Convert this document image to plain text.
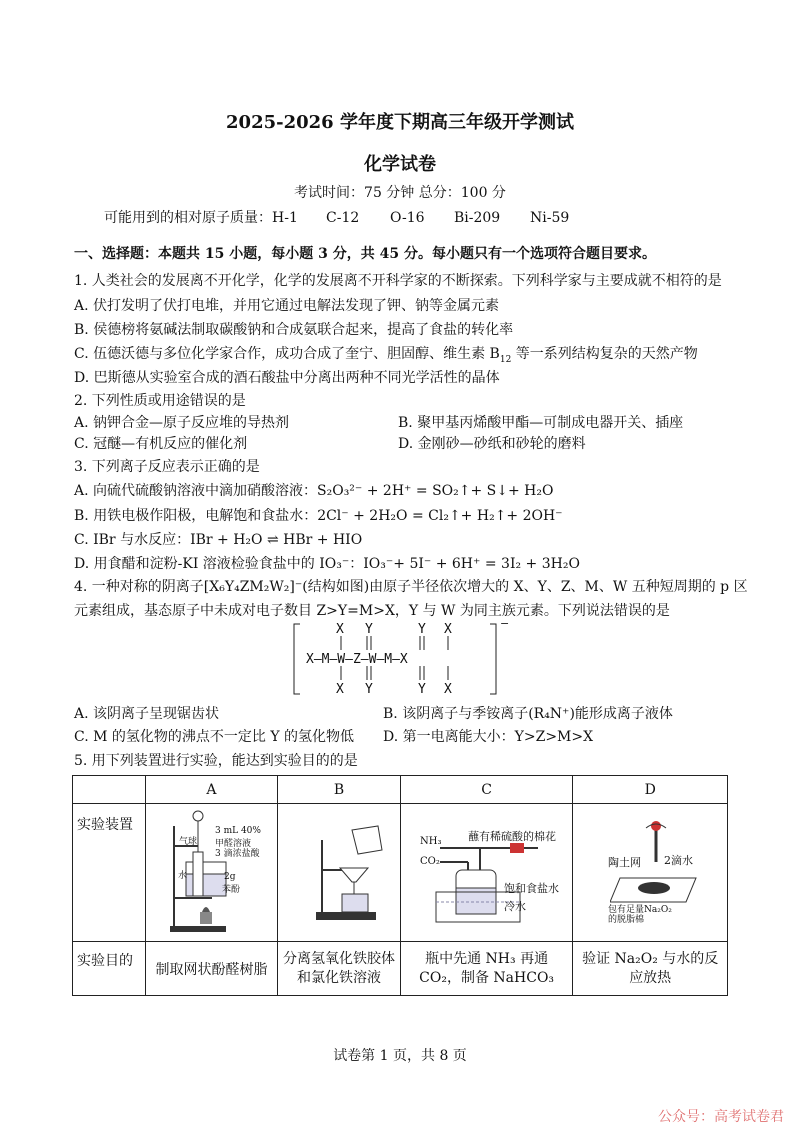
2025-2026 学年度下期高三年级开学测试
化学试卷
考试时间：75 分钟 总分：100 分
可能用到的相对原子质量： H-1 C-12 O-16 Bi-209 Ni-59
一、选择题：本题共 15 小题，每小题 3 分，共 45 分。每小题只有一个选项符合题目要求。
1. 人类社会的发展离不开化学，化学的发展离不开科学家的不断探索。下列科学家与主要成就不相符的是
A. 伏打发明了伏打电堆，并用它通过电解法发现了钾、钠等金属元素
B. 侯德榜将氨碱法制取碳酸钠和合成氨联合起来，提高了食盐的转化率
C. 伍德沃德与多位化学家合作，成功合成了奎宁、胆固醇、维生素 $B_{12}$ 等一系列结构复杂的天然产物
D. 巴斯德从实验室合成的酒石酸盐中分离出两种不同光学活性的晶体
2. 下列性质或用途错误的是
A. 钠钾合金—原子反应堆的导热剂	B. 聚甲基丙烯酸甲酯—可制成电器开关、插座
C. 冠醚—有机反应的催化剂	D. 金刚砂—砂纸和砂轮的磨料
3. 下列离子反应表示正确的是
A. 向硫代硫酸钠溶液中滴加硝酸溶液：S₂O₃²⁻ + 2H⁺ = SO₂↑+ S↓+ H₂O
B. 用铁电极作阳极，电解饱和食盐水：2Cl⁻ + 2H₂O = Cl₂↑+ H₂↑+ 2OH⁻
C. IBr 与水反应：IBr + H₂O ⇌ HBr + HIO
D. 用食醋和淀粉-KI 溶液检验食盐中的 IO₃⁻：IO₃⁻+ 5I⁻ + 6H⁺ = 3I₂ + 3H₂O
4. 一种对称的阴离子[X₆Y₄ZM₂W₂]⁻(结构如图)由原子半径依次增大的 X、Y、Z、M、W 五种短周期的 p 区
元素组成，基态原子中未成对电子数目 Z>Y=M>X，Y 与 W 为同主族元素。下列说法错误的是
X Y	Y X
X—M—W—Z—W—M—X
X Y	Y X
−
A. 该阴离子呈现锯齿状	B. 该阴离子与季铵离子(R₄N⁺)能形成离子液体
C. M 的氢化物的沸点不一定比 Y 的氢化物低 D. 第一电离能大小：Y>Z>M>X
5. 用下列装置进行实验，能达到实验目的的是
	A	B	C	D
实验装置				
实验目的	制取网状酚醛树脂	分离氢氧化铁胶体和氯化铁溶液	瓶中先通 NH₃ 再通 CO₂，制备 NaHCO₃	验证 Na₂O₂ 与水的反应放热
气球
3 mL 40%
甲醛溶液
3 滴浓盐酸
水	2g
苯酚
NH₃
CO₂
蘸有稀硫酸的棉花
饱和食盐水
冷水
陶土网 2滴水
包有足量Na₂O₂
的脱脂棉
试卷第 1 页，共 8 页
公众号：高考试卷君
